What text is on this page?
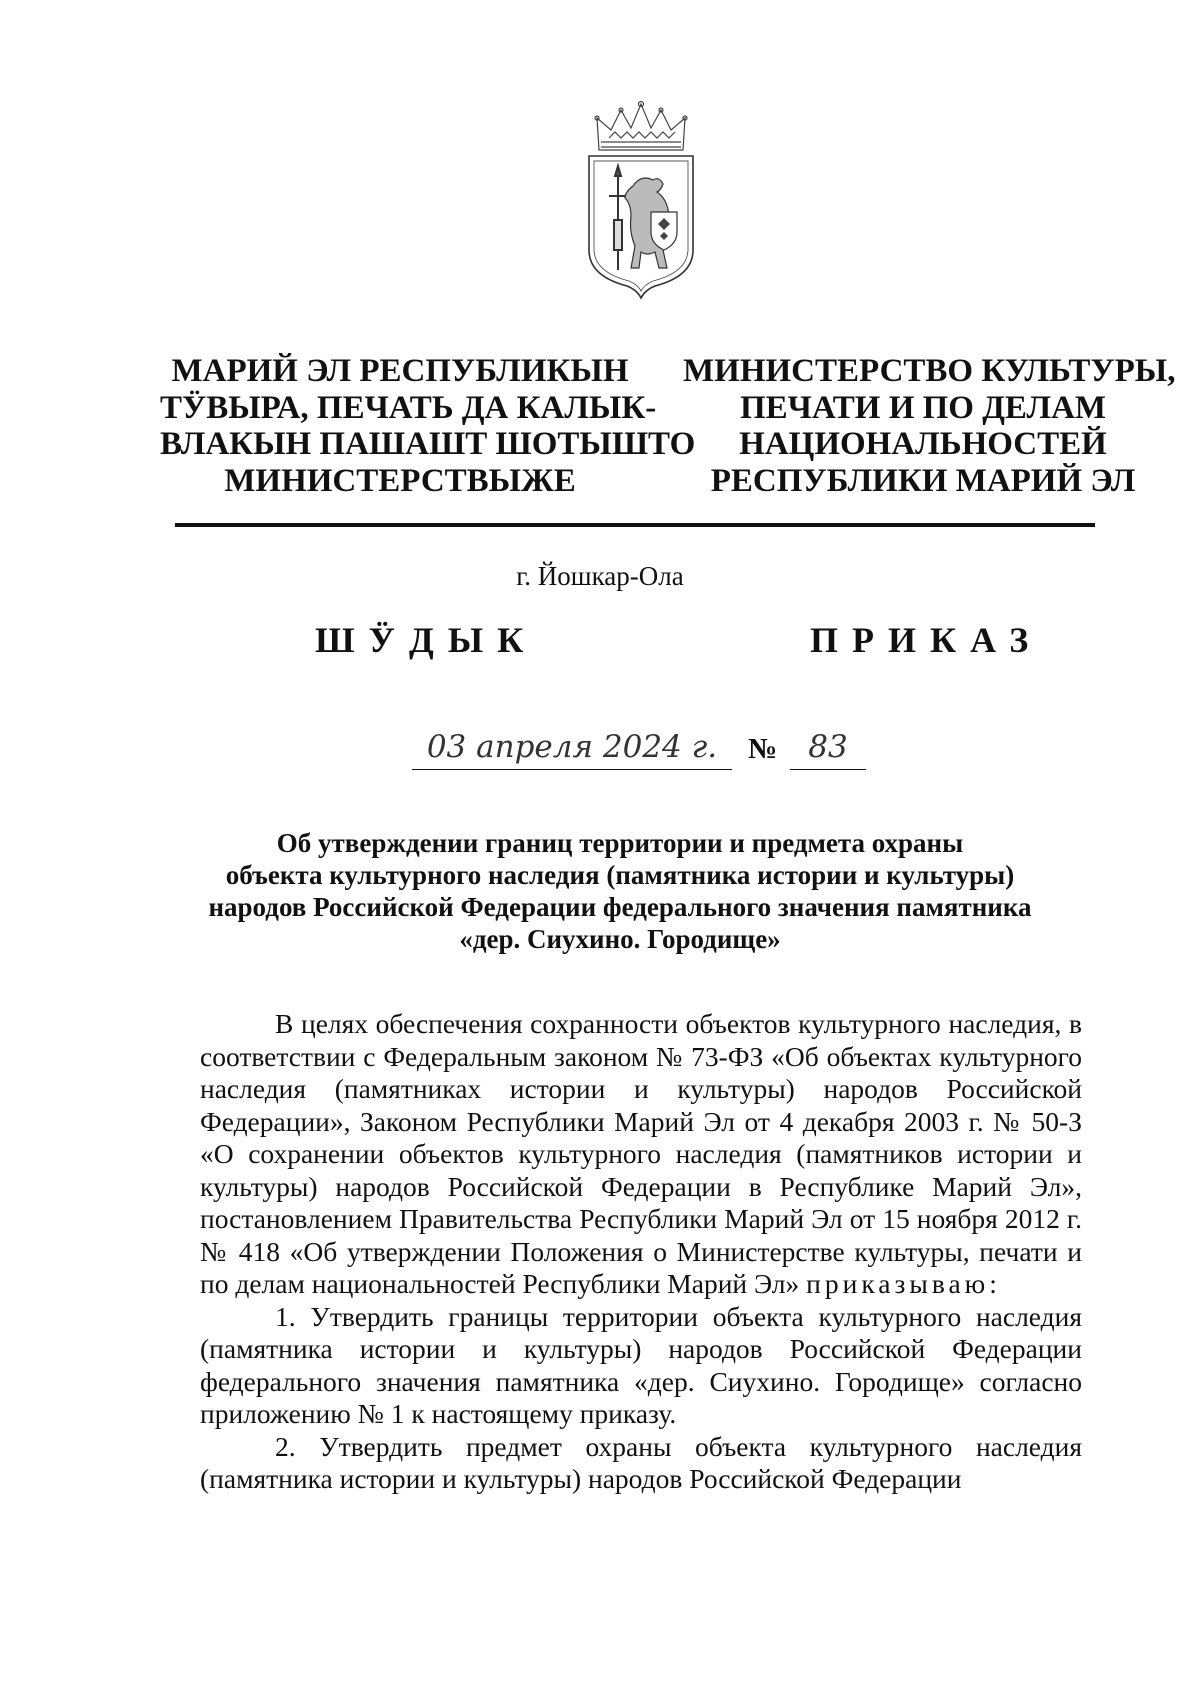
МАРИЙ ЭЛ РЕСПУБЛИКЫН
ТӰВЫРА, ПЕЧАТЬ ДА КАЛЫК-
ВЛАКЫН ПАШАШТ ШОТЫШТО
МИНИСТЕРСТВЫЖЕ
МИНИСТЕРСТВО КУЛЬТУРЫ,
ПЕЧАТИ И ПО ДЕЛАМ
НАЦИОНАЛЬНОСТЕЙ
РЕСПУБЛИКИ МАРИЙ ЭЛ
г. Йошкар-Ола
ШӰДЫК	ПРИКАЗ
03 апреля 2024 г.	№	83
Об утверждении границ территории и предмета охраны
объекта культурного наследия (памятника истории и культуры)
народов Российской Федерации федерального значения памятника
«дер. Сиухино. Городище»

В целях обеспечения сохранности объектов культурного наследия, в соответствии с Федеральным законом № 73-ФЗ «Об объектах культурного наследия (памятниках истории и культуры) народов Российской Федерации», Законом Республики Марий Эл от 4 декабря 2003 г. № 50-З «О сохранении объектов культурного наследия (памятников истории и культуры) народов Российской Федерации в Республике Марий Эл», постановлением Правительства Республики Марий Эл от 15 ноября 2012 г. № 418 «Об утверждении Положения о Министерстве культуры, печати и по делам национальностей Республики Марий Эл» приказываю:

1. Утвердить границы территории объекта культурного наследия (памятника истории и культуры) народов Российской Федерации федерального значения памятника «дер. Сиухино. Городище» согласно приложению № 1 к настоящему приказу.

2. Утвердить предмет охраны объекта культурного наследия (памятника истории и культуры) народов Российской Федерации
